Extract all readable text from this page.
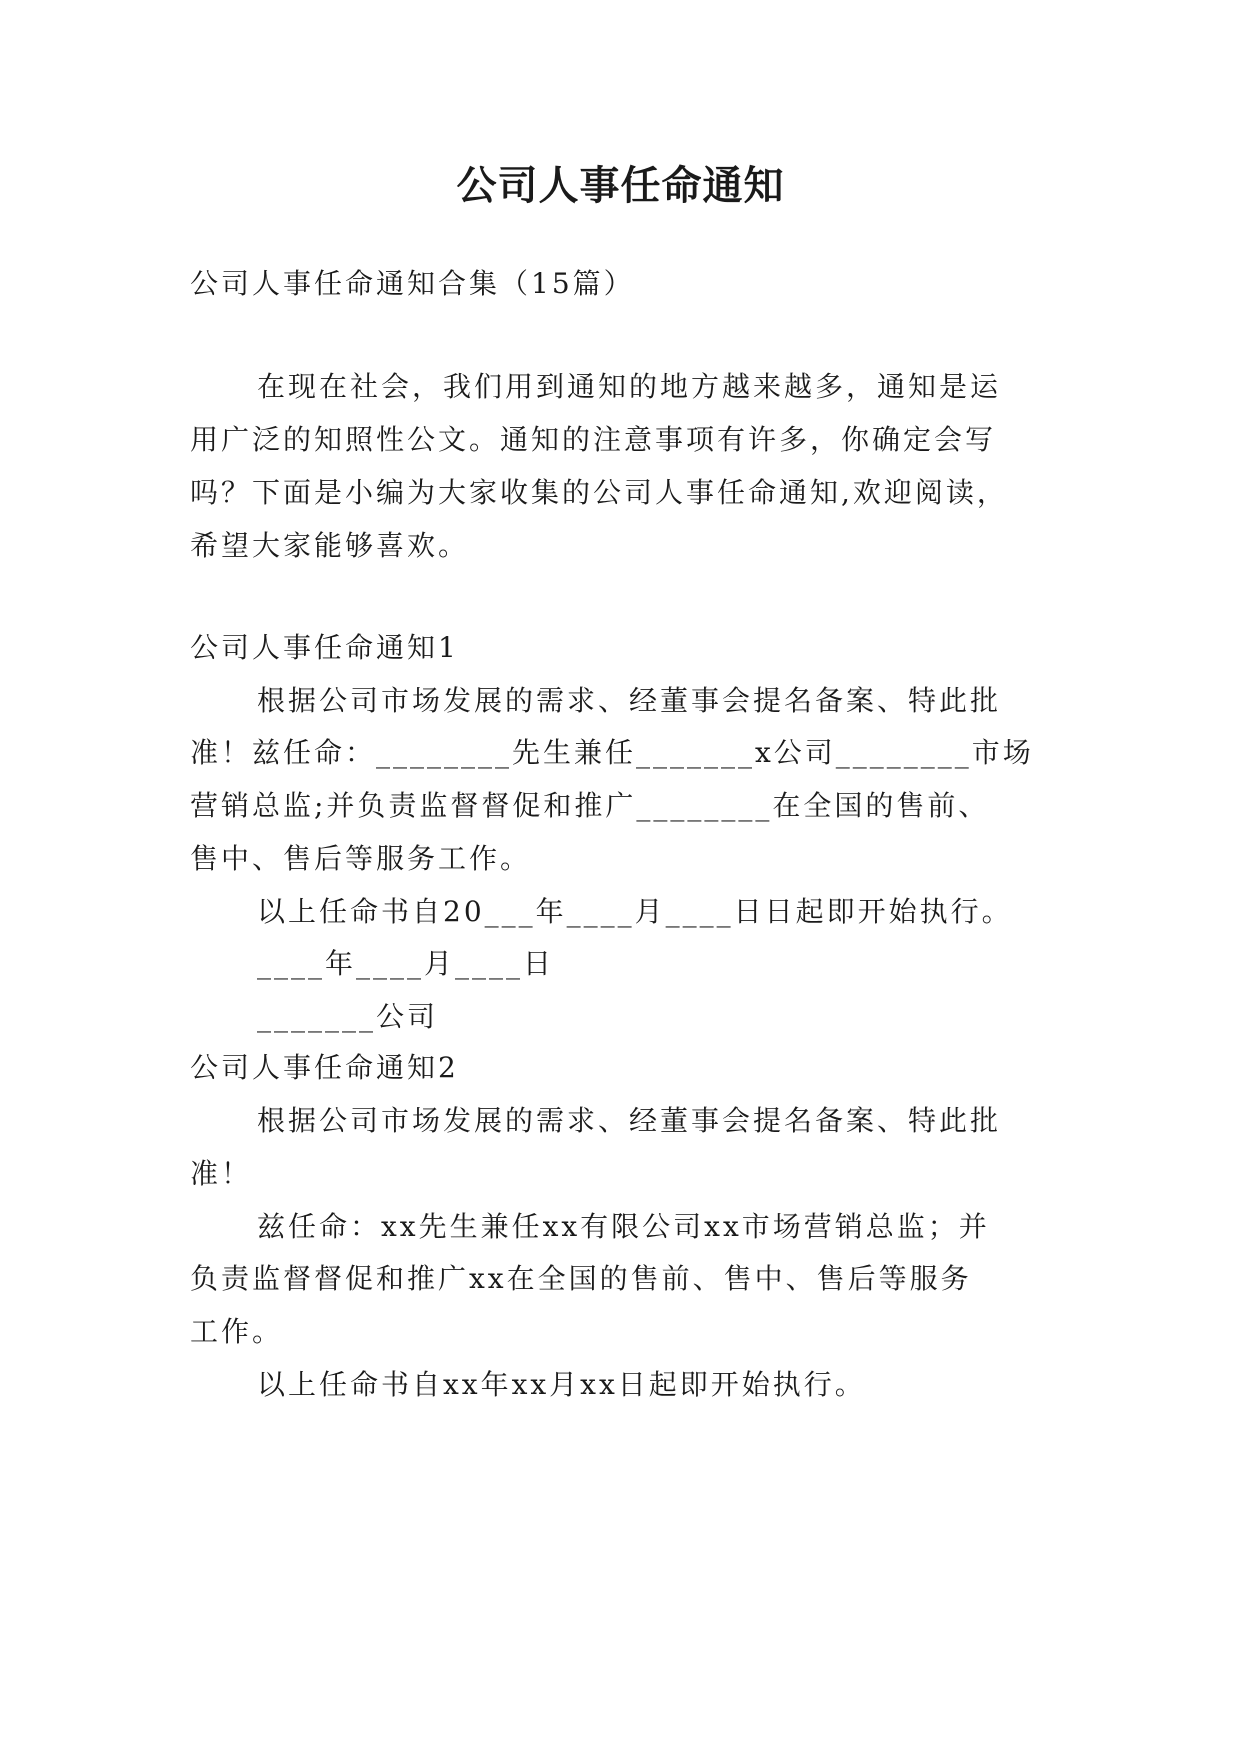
公司人事任命通知
公司人事任命通知合集（15篇）
在现在社会，我们用到通知的地方越来越多，通知是运
用广泛的知照性公文。通知的注意事项有许多，你确定会写
吗？下面是小编为大家收集的公司人事任命通知,欢迎阅读，
希望大家能够喜欢。
公司人事任命通知1
根据公司市场发展的需求、经董事会提名备案、特此批
准！兹任命：________先生兼任_______x公司________市场
营销总监;并负责监督督促和推广________在全国的售前、
售中、售后等服务工作。
以上任命书自20___年____月____日日起即开始执行。
____年____月____日
_______公司
公司人事任命通知2
根据公司市场发展的需求、经董事会提名备案、特此批
准！
兹任命：xx先生兼任xx有限公司xx市场营销总监；并
负责监督督促和推广xx在全国的售前、售中、售后等服务
工作。
以上任命书自xx年xx月xx日起即开始执行。
